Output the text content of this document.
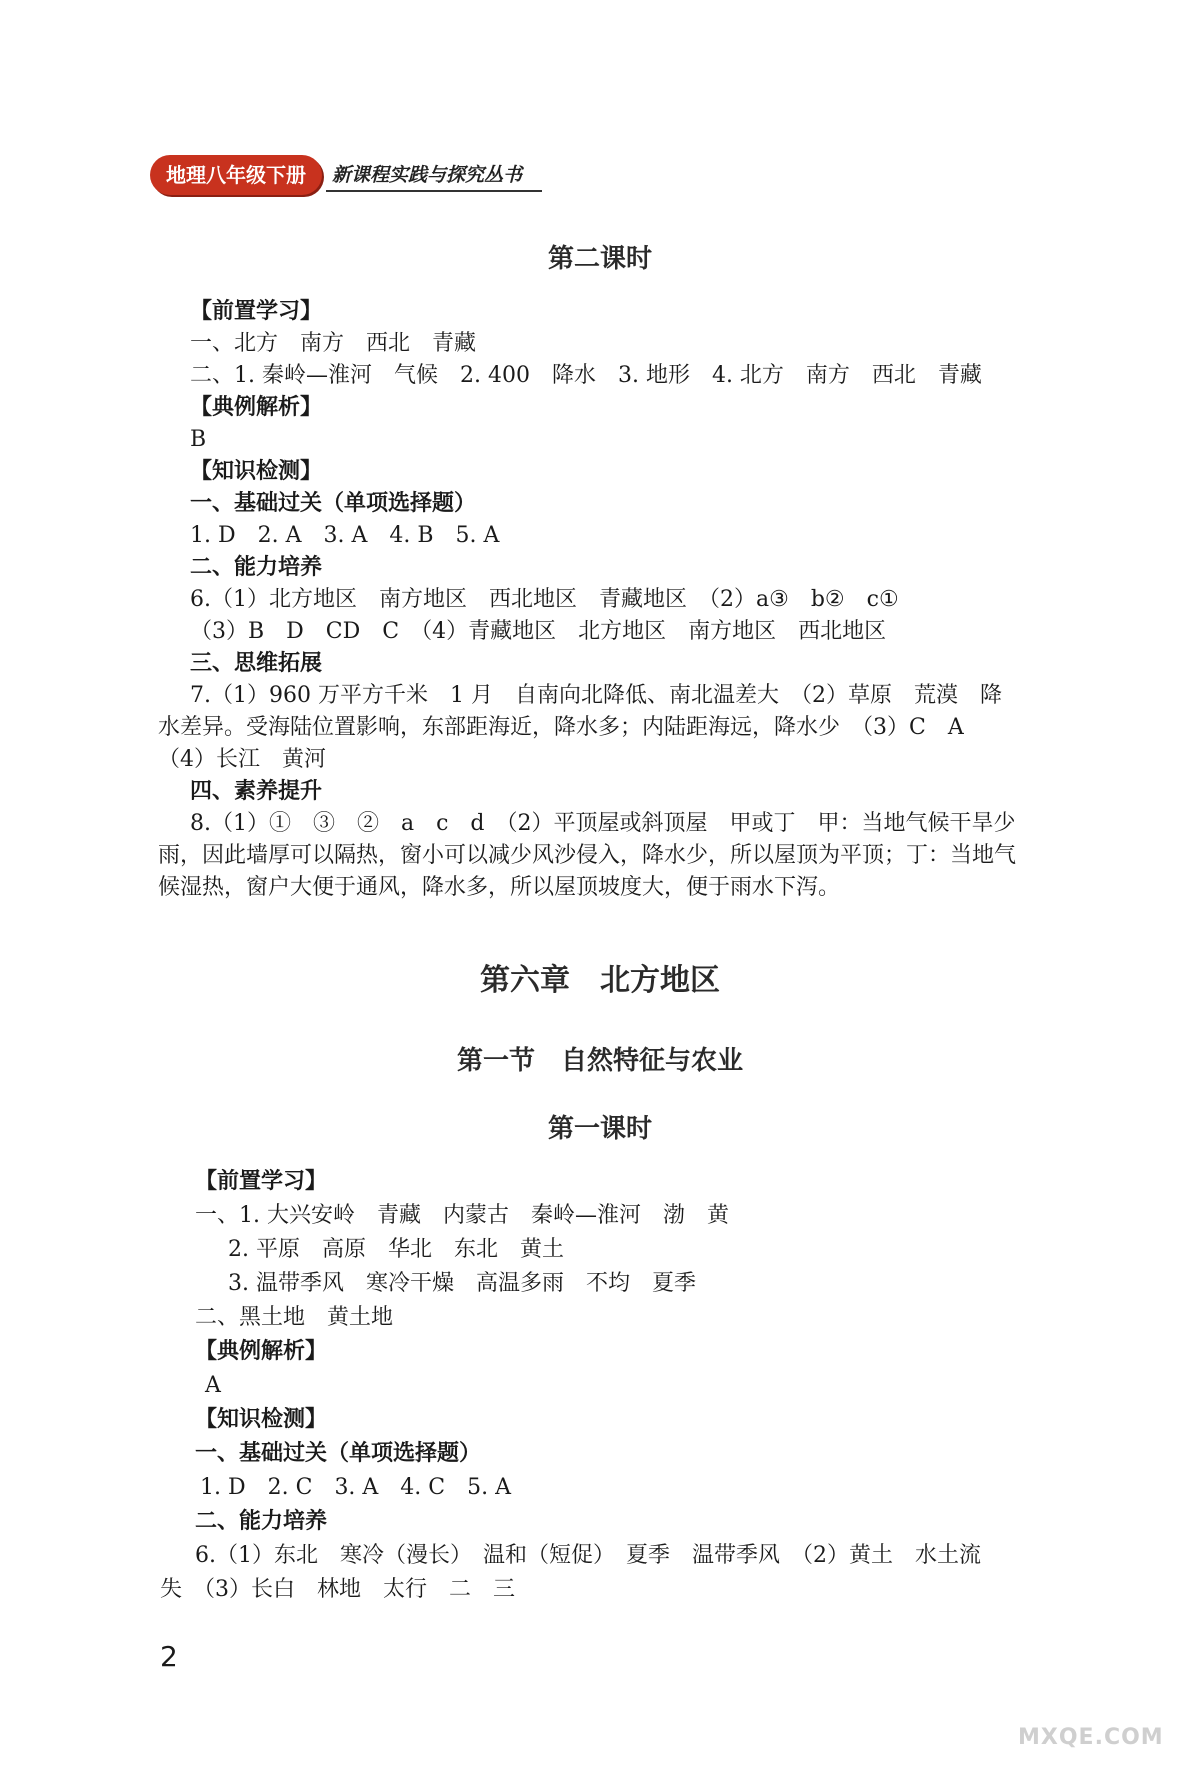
地理八年级下册	新课程实践与探究丛书
第二课时
【前置学习】
一、北方　南方　西北　青藏
二、1. 秦岭—淮河　气候　2. 400　降水　3. 地形　4. 北方　南方　西北　青藏
【典例解析】
B
【知识检测】
一、基础过关（单项选择题）
1. D　2. A　3. A　4. B　5. A
二、能力培养
6.（1）北方地区　南方地区　西北地区　青藏地区　（2）a③　b②　c①
（3）B　D　CD　C　（4）青藏地区　北方地区　南方地区　西北地区
三、思维拓展
7.（1）960 万平方千米　1 月　自南向北降低、南北温差大　（2）草原　荒漠　降
水差异。受海陆位置影响，东部距海近，降水多；内陆距海远，降水少　（3）C　A
（4）长江　黄河
四、素养提升
8.（1）①　③　②　a　c　d　（2）平顶屋或斜顶屋　甲或丁　甲：当地气候干旱少
雨，因此墙厚可以隔热，窗小可以减少风沙侵入，降水少，所以屋顶为平顶；丁：当地气
候湿热，窗户大便于通风，降水多，所以屋顶坡度大，便于雨水下泻。
第六章　北方地区
第一节　自然特征与农业
第一课时
【前置学习】
一、1. 大兴安岭　青藏　内蒙古　秦岭—淮河　渤　黄
2. 平原　高原　华北　东北　黄土
3. 温带季风　寒冷干燥　高温多雨　不均　夏季
二、黑土地　黄土地
【典例解析】
A
【知识检测】
一、基础过关（单项选择题）
1. D　2. C　3. A　4. C　5. A
二、能力培养
6.（1）东北　寒冷（漫长）　温和（短促）　夏季　温带季风　（2）黄土　水土流
失　（3）长白　林地　太行　二　三
2
MXQE.COM
